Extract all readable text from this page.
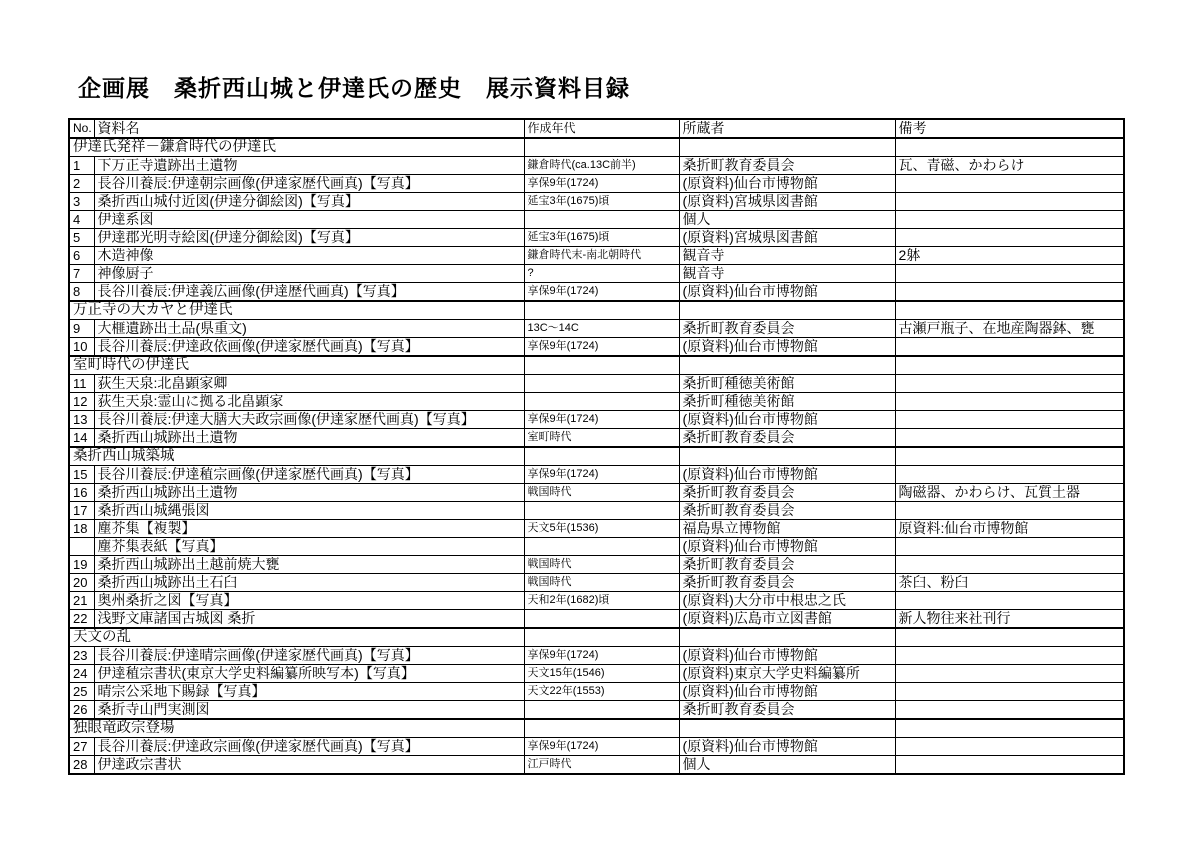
企画展　桑折西山城と伊達氏の歴史　展示資料目録
No.	資料名	作成年代	所蔵者	備考
伊達氏発祥－鎌倉時代の伊達氏				
1	下万正寺遺跡出土遺物	鎌倉時代(ca.13C前半)	桑折町教育委員会	瓦、青磁、かわらけ
2	長谷川養辰:伊達朝宗画像(伊達家歴代画真)【写真】	享保9年(1724)	(原資料)仙台市博物館	
3	桑折西山城付近図(伊達分御絵図)【写真】	延宝3年(1675)頃	(原資料)宮城県図書館	
4	伊達系図		個人	
5	伊達郡光明寺絵図(伊達分御絵図)【写真】	延宝3年(1675)頃	(原資料)宮城県図書館	
6	木造神像	鎌倉時代末-南北朝時代	観音寺	2躰
7	神像厨子	?	観音寺	
8	長谷川養辰:伊達義広画像(伊達歴代画真)【写真】	享保9年(1724)	(原資料)仙台市博物館	
万正寺の大カヤと伊達氏				
9	大榧遺跡出土品(県重文)	13C～14C	桑折町教育委員会	古瀬戸瓶子、在地産陶器鉢、甕
10	長谷川養辰:伊達政依画像(伊達家歴代画真)【写真】	享保9年(1724)	(原資料)仙台市博物館	
室町時代の伊達氏				
11	荻生天泉:北畠顕家卿		桑折町種徳美術館	
12	荻生天泉:霊山に拠る北畠顕家		桑折町種徳美術館	
13	長谷川養辰:伊達大膳大夫政宗画像(伊達家歴代画真)【写真】	享保9年(1724)	(原資料)仙台市博物館	
14	桑折西山城跡出土遺物	室町時代	桑折町教育委員会	
桑折西山城築城				
15	長谷川養辰:伊達稙宗画像(伊達家歴代画真)【写真】	享保9年(1724)	(原資料)仙台市博物館	
16	桑折西山城跡出土遺物	戦国時代	桑折町教育委員会	陶磁器、かわらけ、瓦質土器
17	桑折西山城縄張図		桑折町教育委員会	
18	塵芥集【複製】	天文5年(1536)	福島県立博物館	原資料:仙台市博物館
	塵芥集表紙【写真】		(原資料)仙台市博物館	
19	桑折西山城跡出土越前焼大甕	戦国時代	桑折町教育委員会	
20	桑折西山城跡出土石臼	戦国時代	桑折町教育委員会	茶臼、粉臼
21	奥州桑折之図【写真】	天和2年(1682)頃	(原資料)大分市中根忠之氏	
22	浅野文庫諸国古城図 桑折		(原資料)広島市立図書館	新人物往来社刊行
天文の乱				
23	長谷川養辰:伊達晴宗画像(伊達家歴代画真)【写真】	享保9年(1724)	(原資料)仙台市博物館	
24	伊達稙宗書状(東京大学史料編纂所映写本)【写真】	天文15年(1546)	(原資料)東京大学史料編纂所	
25	晴宗公采地下賜録【写真】	天文22年(1553)	(原資料)仙台市博物館	
26	桑折寺山門実測図		桑折町教育委員会	
独眼竜政宗登場				
27	長谷川養辰:伊達政宗画像(伊達家歴代画真)【写真】	享保9年(1724)	(原資料)仙台市博物館	
28	伊達政宗書状	江戸時代	個人	
